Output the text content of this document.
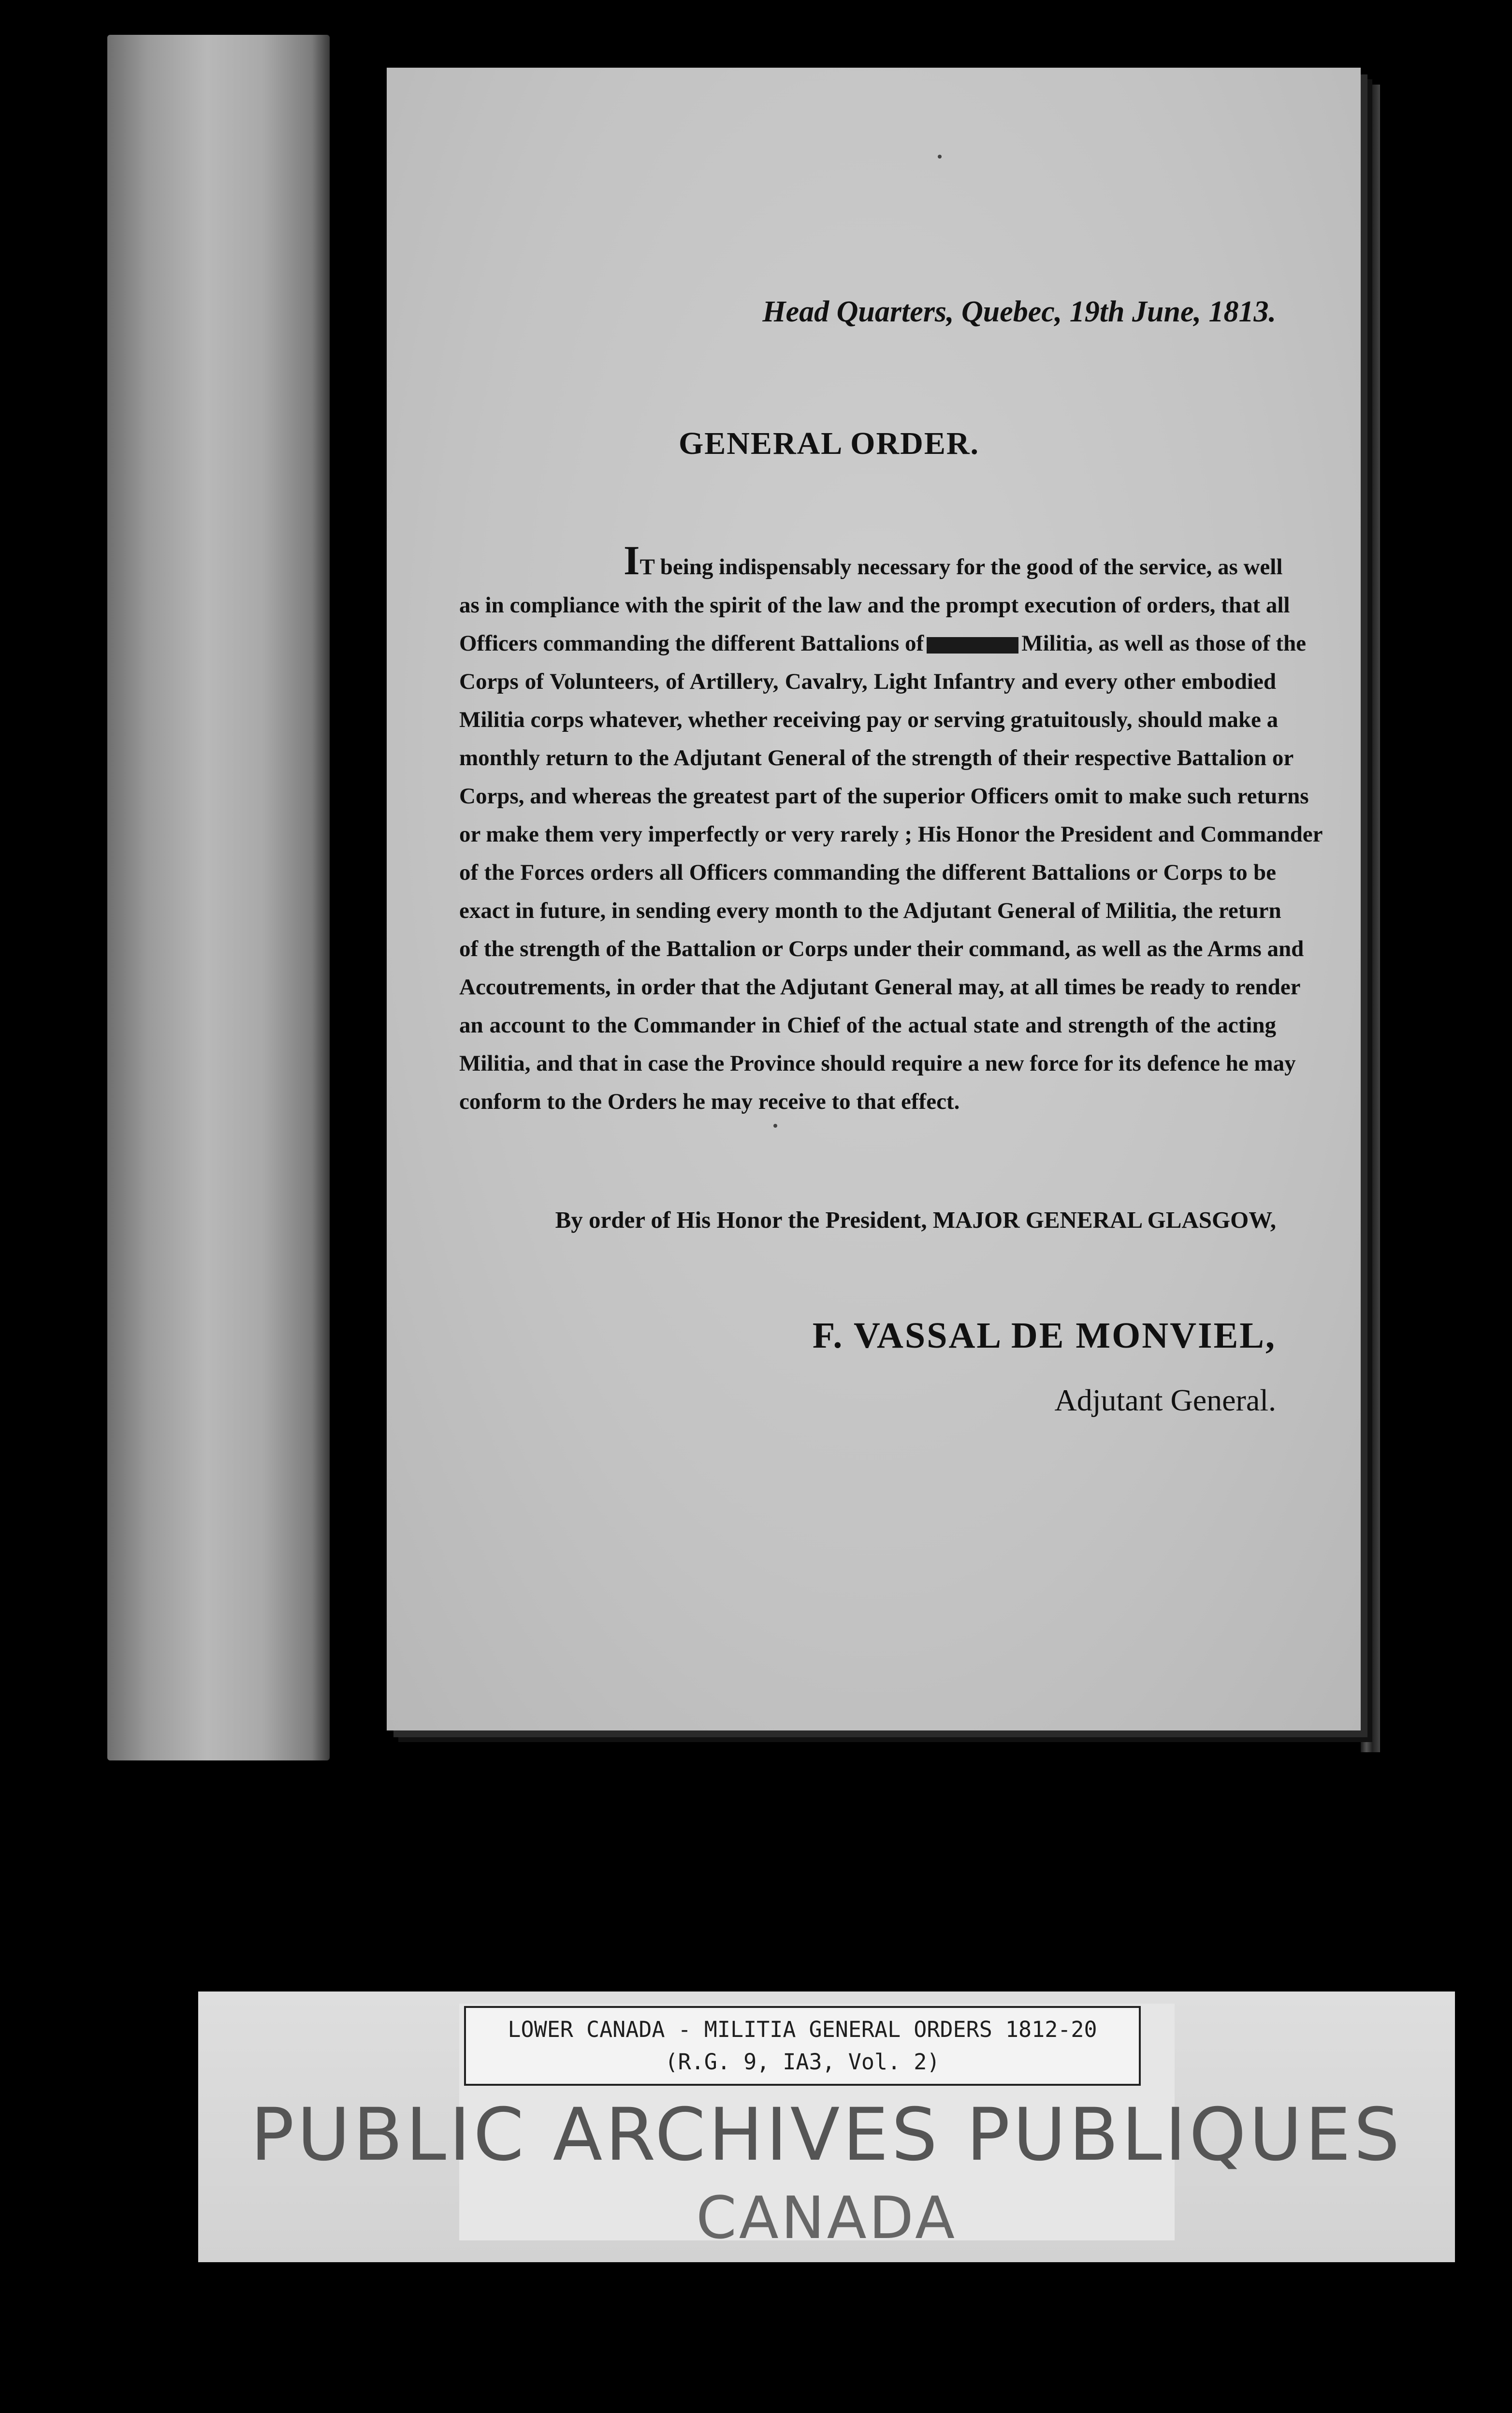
Head Quarters, Quebec, 19th June, 1813.
GENERAL ORDER.
IT being indispensably necessary for the good of the service, as well
as in compliance with the spirit of the law and the prompt execution of orders, that all
Officers commanding the different Battalions of	Militia, as well as those of the
Corps of Volunteers, of Artillery, Cavalry, Light Infantry and every other embodied
Militia corps whatever, whether receiving pay or serving gratuitously, should make a
monthly return to the Adjutant General of the strength of their respective Battalion or
Corps, and whereas the greatest part of the superior Officers omit to make such returns
or make them very imperfectly or very rarely ; His Honor the President and Commander
of the Forces orders all Officers commanding the different Battalions or Corps to be
exact in future, in sending every month to the Adjutant General of Militia, the return
of the strength of the Battalion or Corps under their command, as well as the Arms and
Accoutrements, in order that the Adjutant General may, at all times be ready to render
an account to the Commander in Chief of the actual state and strength of the acting
Militia, and that in case the Province should require a new force for its defence he may
conform to the Orders he may receive to that effect.
By order of His Honor the President, MAJOR GENERAL GLASGOW,
F. VASSAL DE MONVIEL,
Adjutant General.
LOWER CANADA - MILITIA GENERAL ORDERS 1812-20
(R.G. 9, IA3, Vol. 2)
PUBLIC ARCHIVES PUBLIQUES
CANADA
